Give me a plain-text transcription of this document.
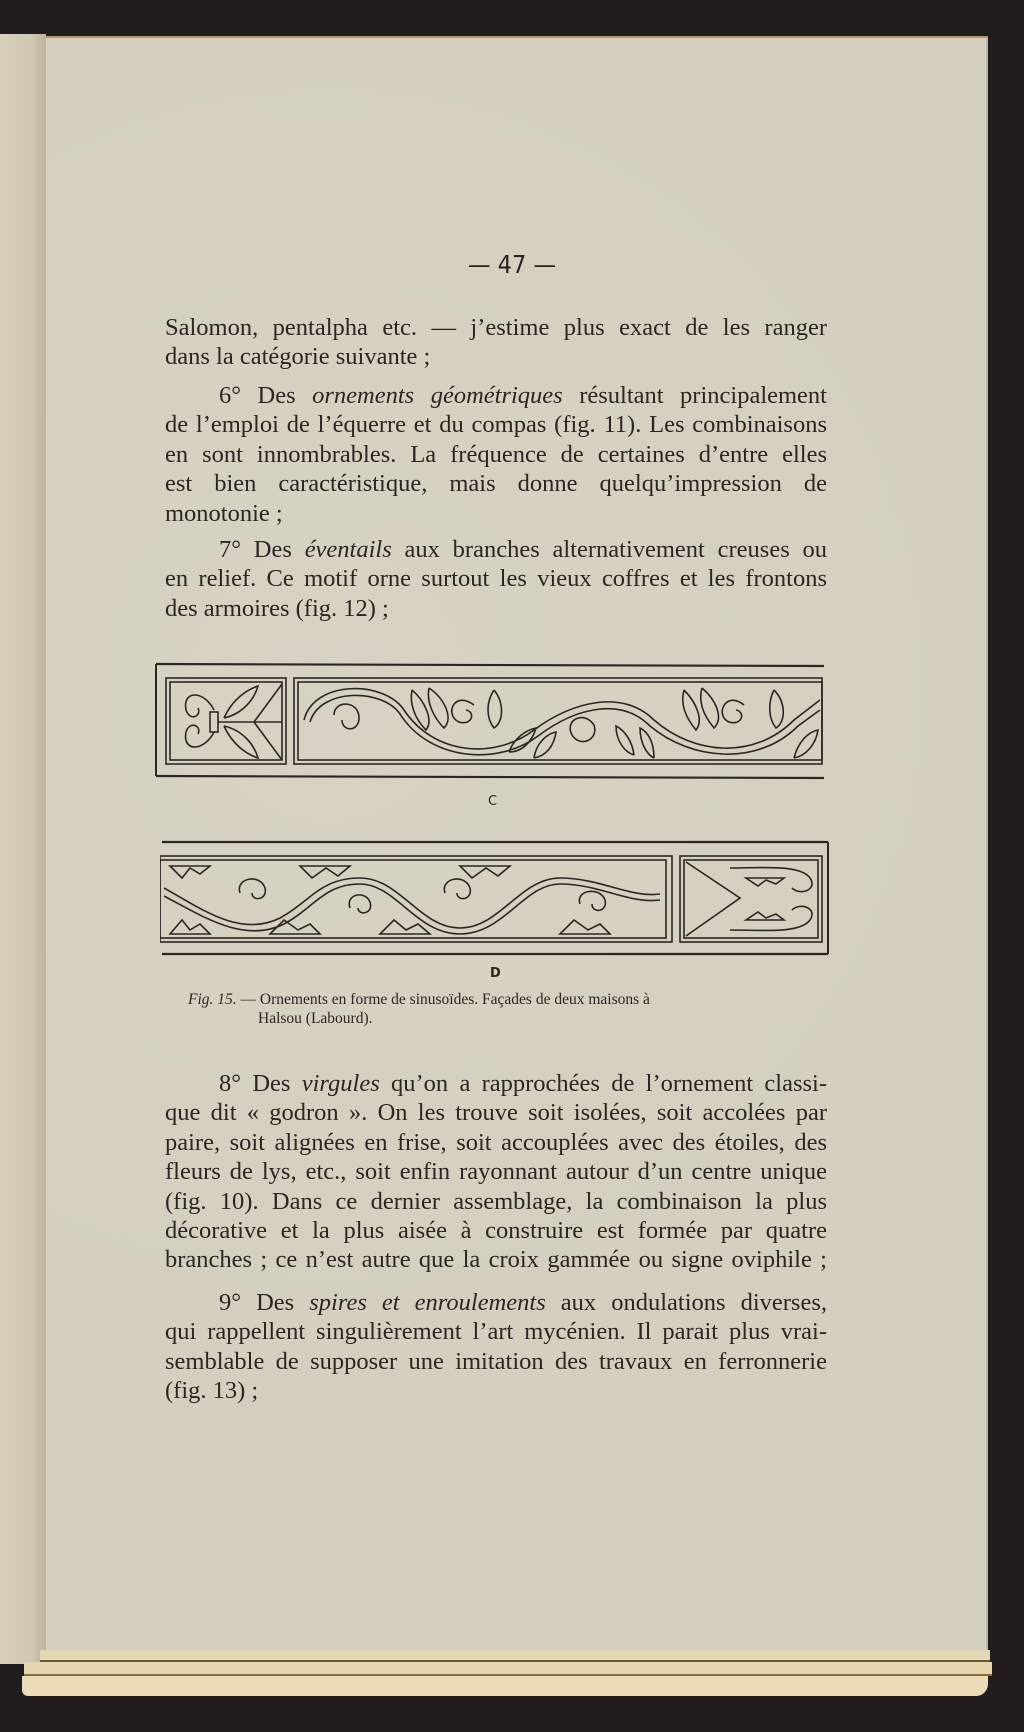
— 47 —
Salomon, pentalpha etc. — j’estime plus exact de les ranger
dans la catégorie suivante ;
6° Des ornements géométriques résultant principalement
de l’emploi de l’équerre et du compas (fig. 11). Les combinaisons
en sont innombrables. La fréquence de certaines d’entre elles
est bien caractéristique, mais donne quelqu’impression de
monotonie ;
7° Des éventails aux branches alternativement creuses ou
en relief. Ce motif orne surtout les vieux coffres et les frontons
des armoires (fig. 12) ;
C
D
Fig. 15. — Ornements en forme de sinusoïdes. Façades de deux maisons à
Halsou (Labourd).
8° Des virgules qu’on a rapprochées de l’ornement classi-
que dit « godron ». On les trouve soit isolées, soit accolées par
paire, soit alignées en frise, soit accouplées avec des étoiles, des
fleurs de lys, etc., soit enfin rayonnant autour d’un centre unique
(fig. 10). Dans ce dernier assemblage, la combinaison la plus
décorative et la plus aisée à construire est formée par quatre
branches ; ce n’est autre que la croix gammée ou signe oviphile ;
9° Des spires et enroulements aux ondulations diverses,
qui rappellent singulièrement l’art mycénien. Il parait plus vrai-
semblable de supposer une imitation des travaux en ferronnerie
(fig. 13) ;
